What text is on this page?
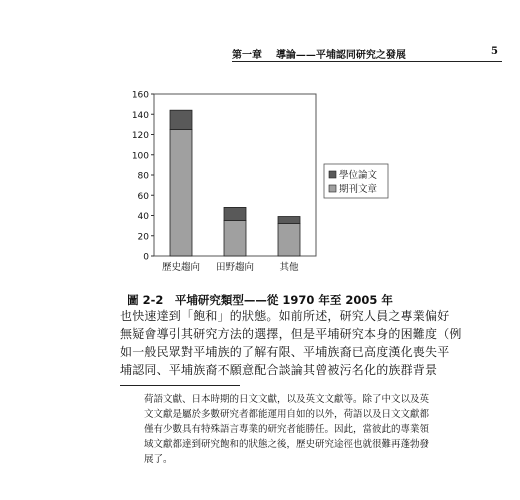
第一章 導論——平埔認同研究之發展	5
0
20
40
60
80
100
120
140
160
歷史趨向 田野趨向	其他
學位論文
期刊文章
圖 2-2　平埔研究類型——從 1970 年至 2005 年
也快速達到「飽和」的狀態。如前所述，研究人員之專業偏好
無疑會導引其研究方法的選擇，但是平埔研究本身的困難度（例
如一般民眾對平埔族的了解有限、平埔族裔已高度漢化喪失平
埔認同、平埔族裔不願意配合談論其曾被污名化的族群背景
荷語文獻、日本時期的日文文獻，以及英文文獻等。除了中文以及英
文文獻是屬於多數研究者都能運用自如的以外，荷語以及日文文獻都
僅有少數具有特殊語言專業的研究者能勝任。因此，當彼此的專業領
域文獻都達到研究飽和的狀態之後，歷史研究途徑也就很難再蓬勃發
展了。
